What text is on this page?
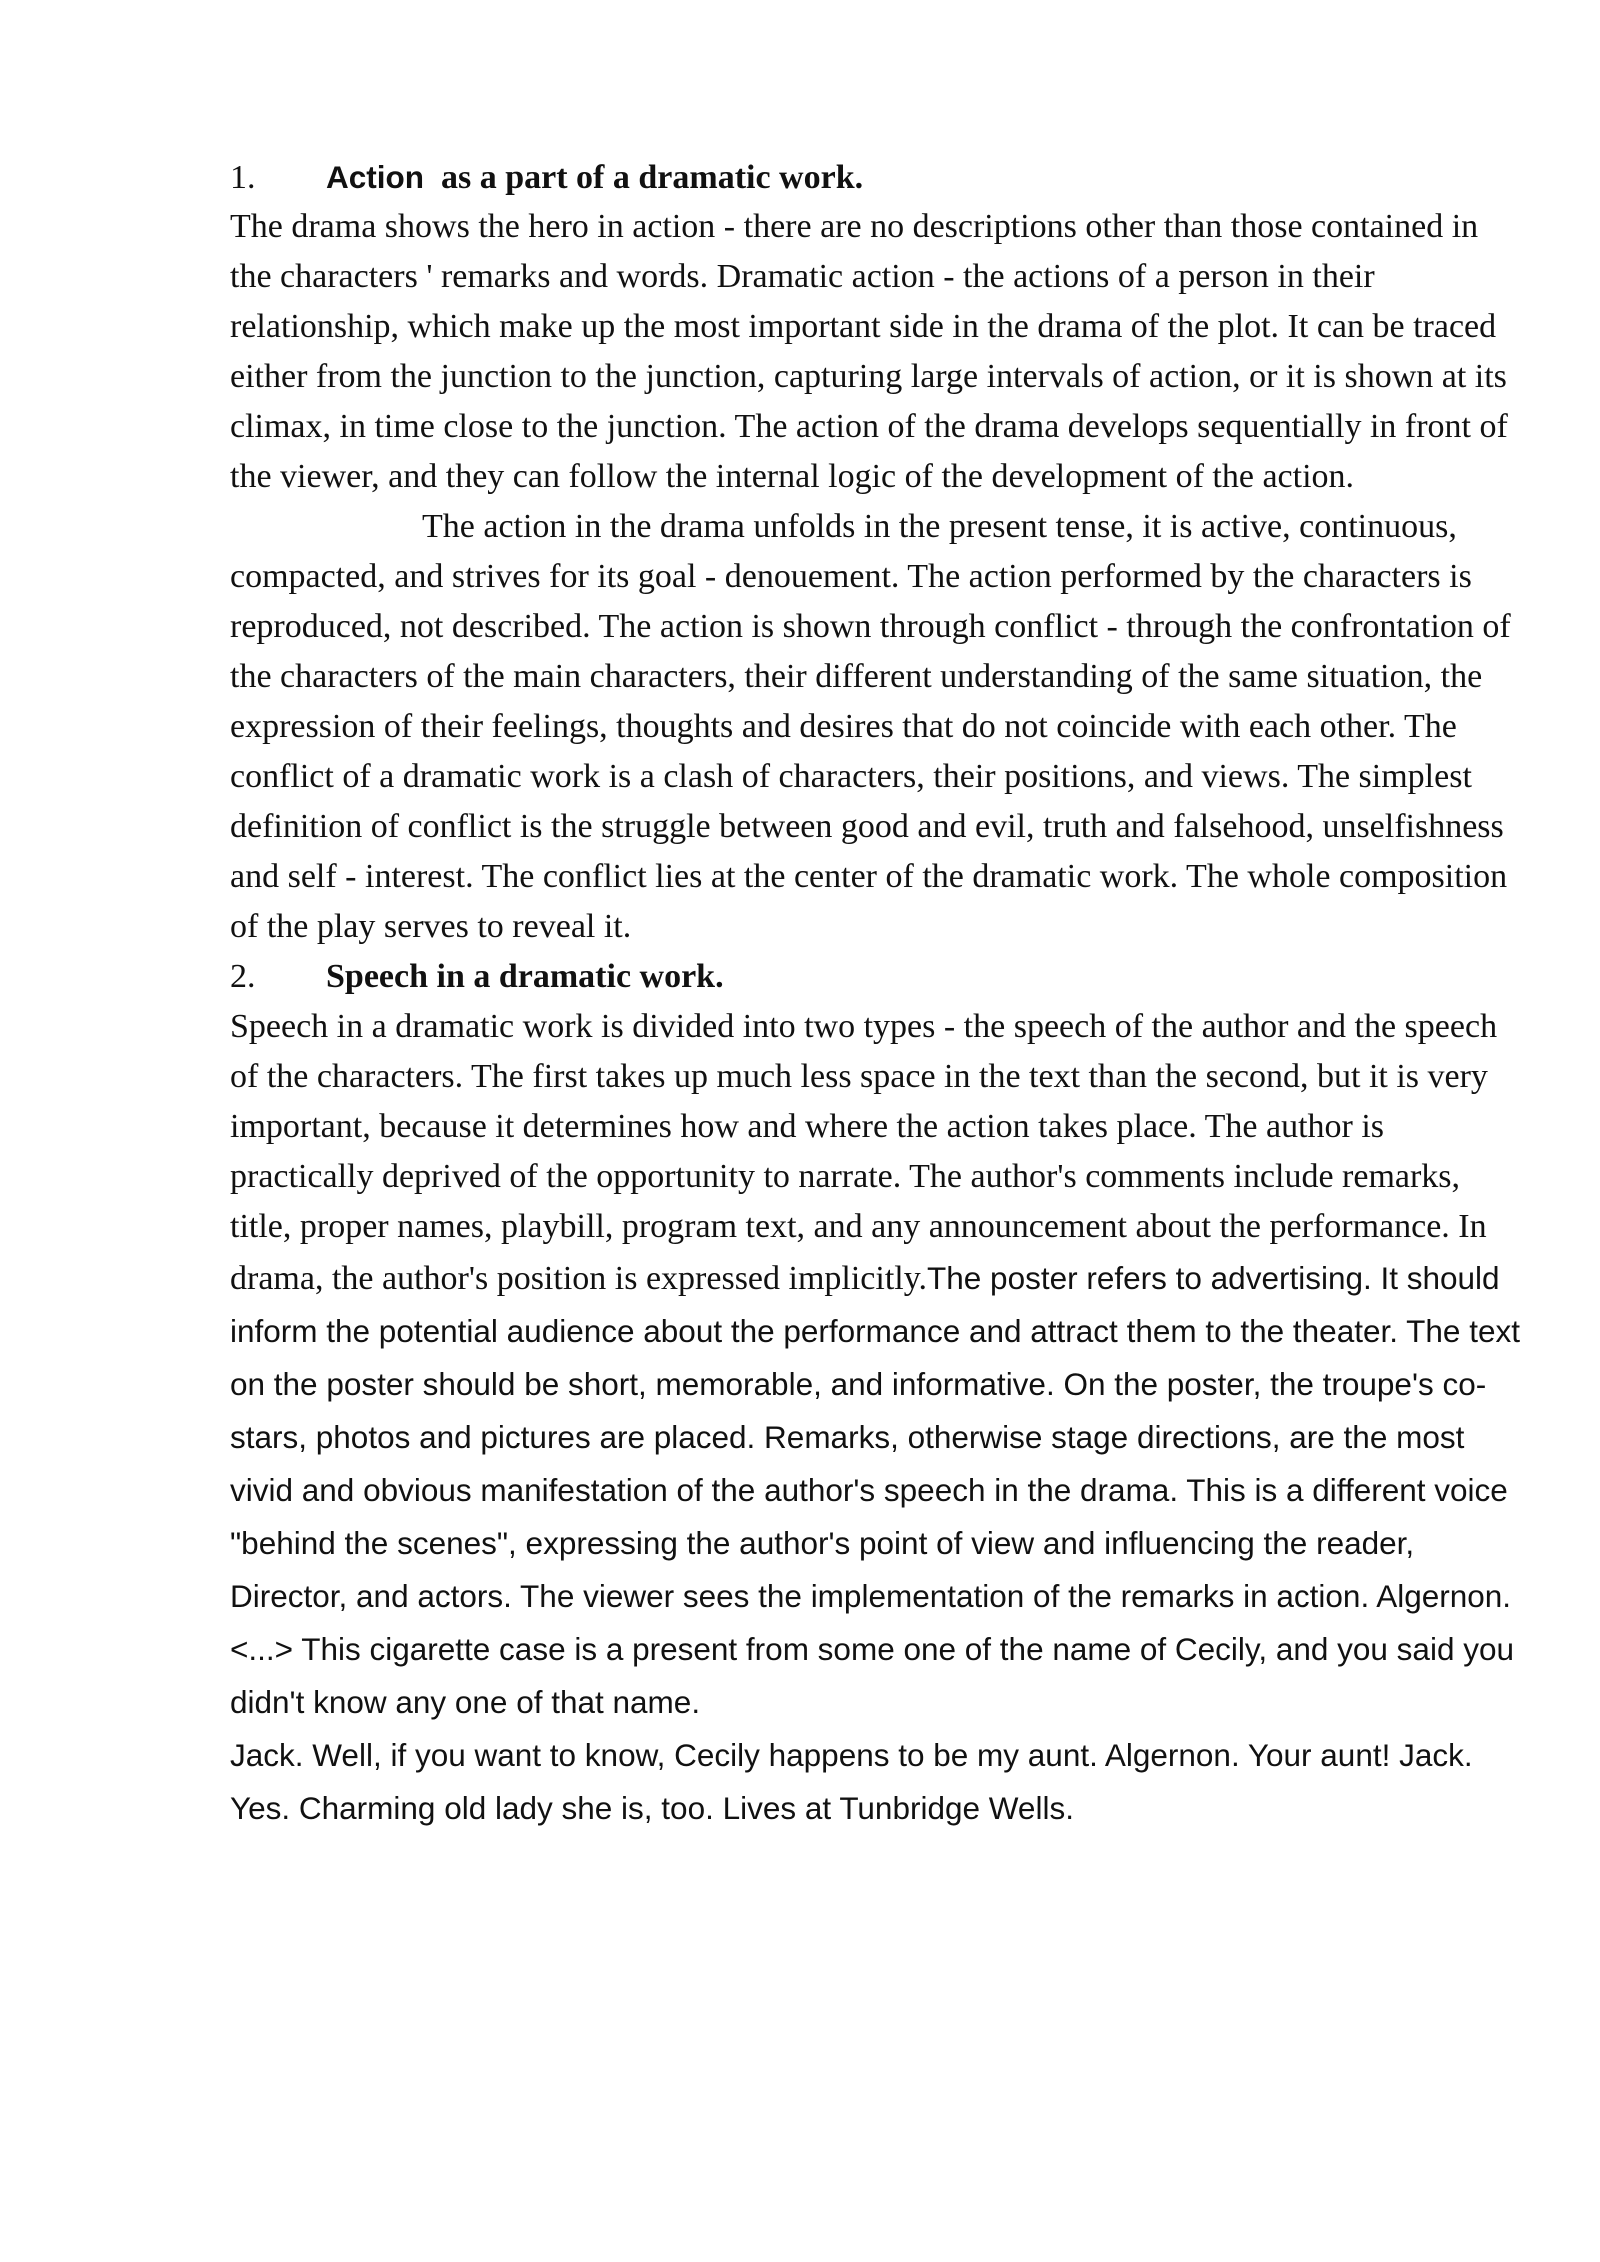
1.	Action  as a part of a dramatic work.

The drama shows the hero in action - there are no descriptions other than those contained in the characters ' remarks and words. Dramatic action - the actions of a person in their relationship, which make up the most important side in the drama of the plot. It can be traced either from the junction to the junction, capturing large intervals of action, or it is shown at its climax, in time close to the junction. The action of the drama develops sequentially in front of the viewer, and they can follow the internal logic of the development of the action.

The action in the drama unfolds in the present tense, it is active, continuous, compacted, and strives for its goal - denouement. The action performed by the characters is reproduced, not described. The action is shown through conflict - through the confrontation of the characters of the main characters, their different understanding of the same situation, the expression of their feelings, thoughts and desires that do not coincide with each other. The conflict of a dramatic work is a clash of characters, their positions, and views. The simplest definition of conflict is the struggle between good and evil, truth and falsehood, unselfishness and self - interest. The conflict lies at the center of the dramatic work. The whole composition of the play serves to reveal it.

2.	Speech in a dramatic work.

Speech in a dramatic work is divided into two types - the speech of the author and the speech of the characters. The first takes up much less space in the text than the second, but it is very important, because it determines how and where the action takes place. The author is practically deprived of the opportunity to narrate. The author's comments include remarks, title, proper names, playbill, program text, and any announcement about the performance. In drama, the author's position is expressed implicitly.The poster refers to advertising. It should inform the potential audience about the performance and attract them to the theater. The text on the poster should be short, memorable, and informative. On the poster, the troupe's co-stars, photos and pictures are placed. Remarks, otherwise stage directions, are the most vivid and obvious manifestation of the author's speech in the drama. This is a different voice "behind the scenes", expressing the author's point of view and influencing the reader, Director, and actors. The viewer sees the implementation of the remarks in action. Algernon. <...> This cigarette case is a present from some one of the name of Cecily, and you said you didn't know any one of that name.

Jack. Well, if you want to know, Cecily happens to be my aunt. Algernon. Your aunt! Jack. Yes. Charming old lady she is, too. Lives at Tunbridge Wells.
